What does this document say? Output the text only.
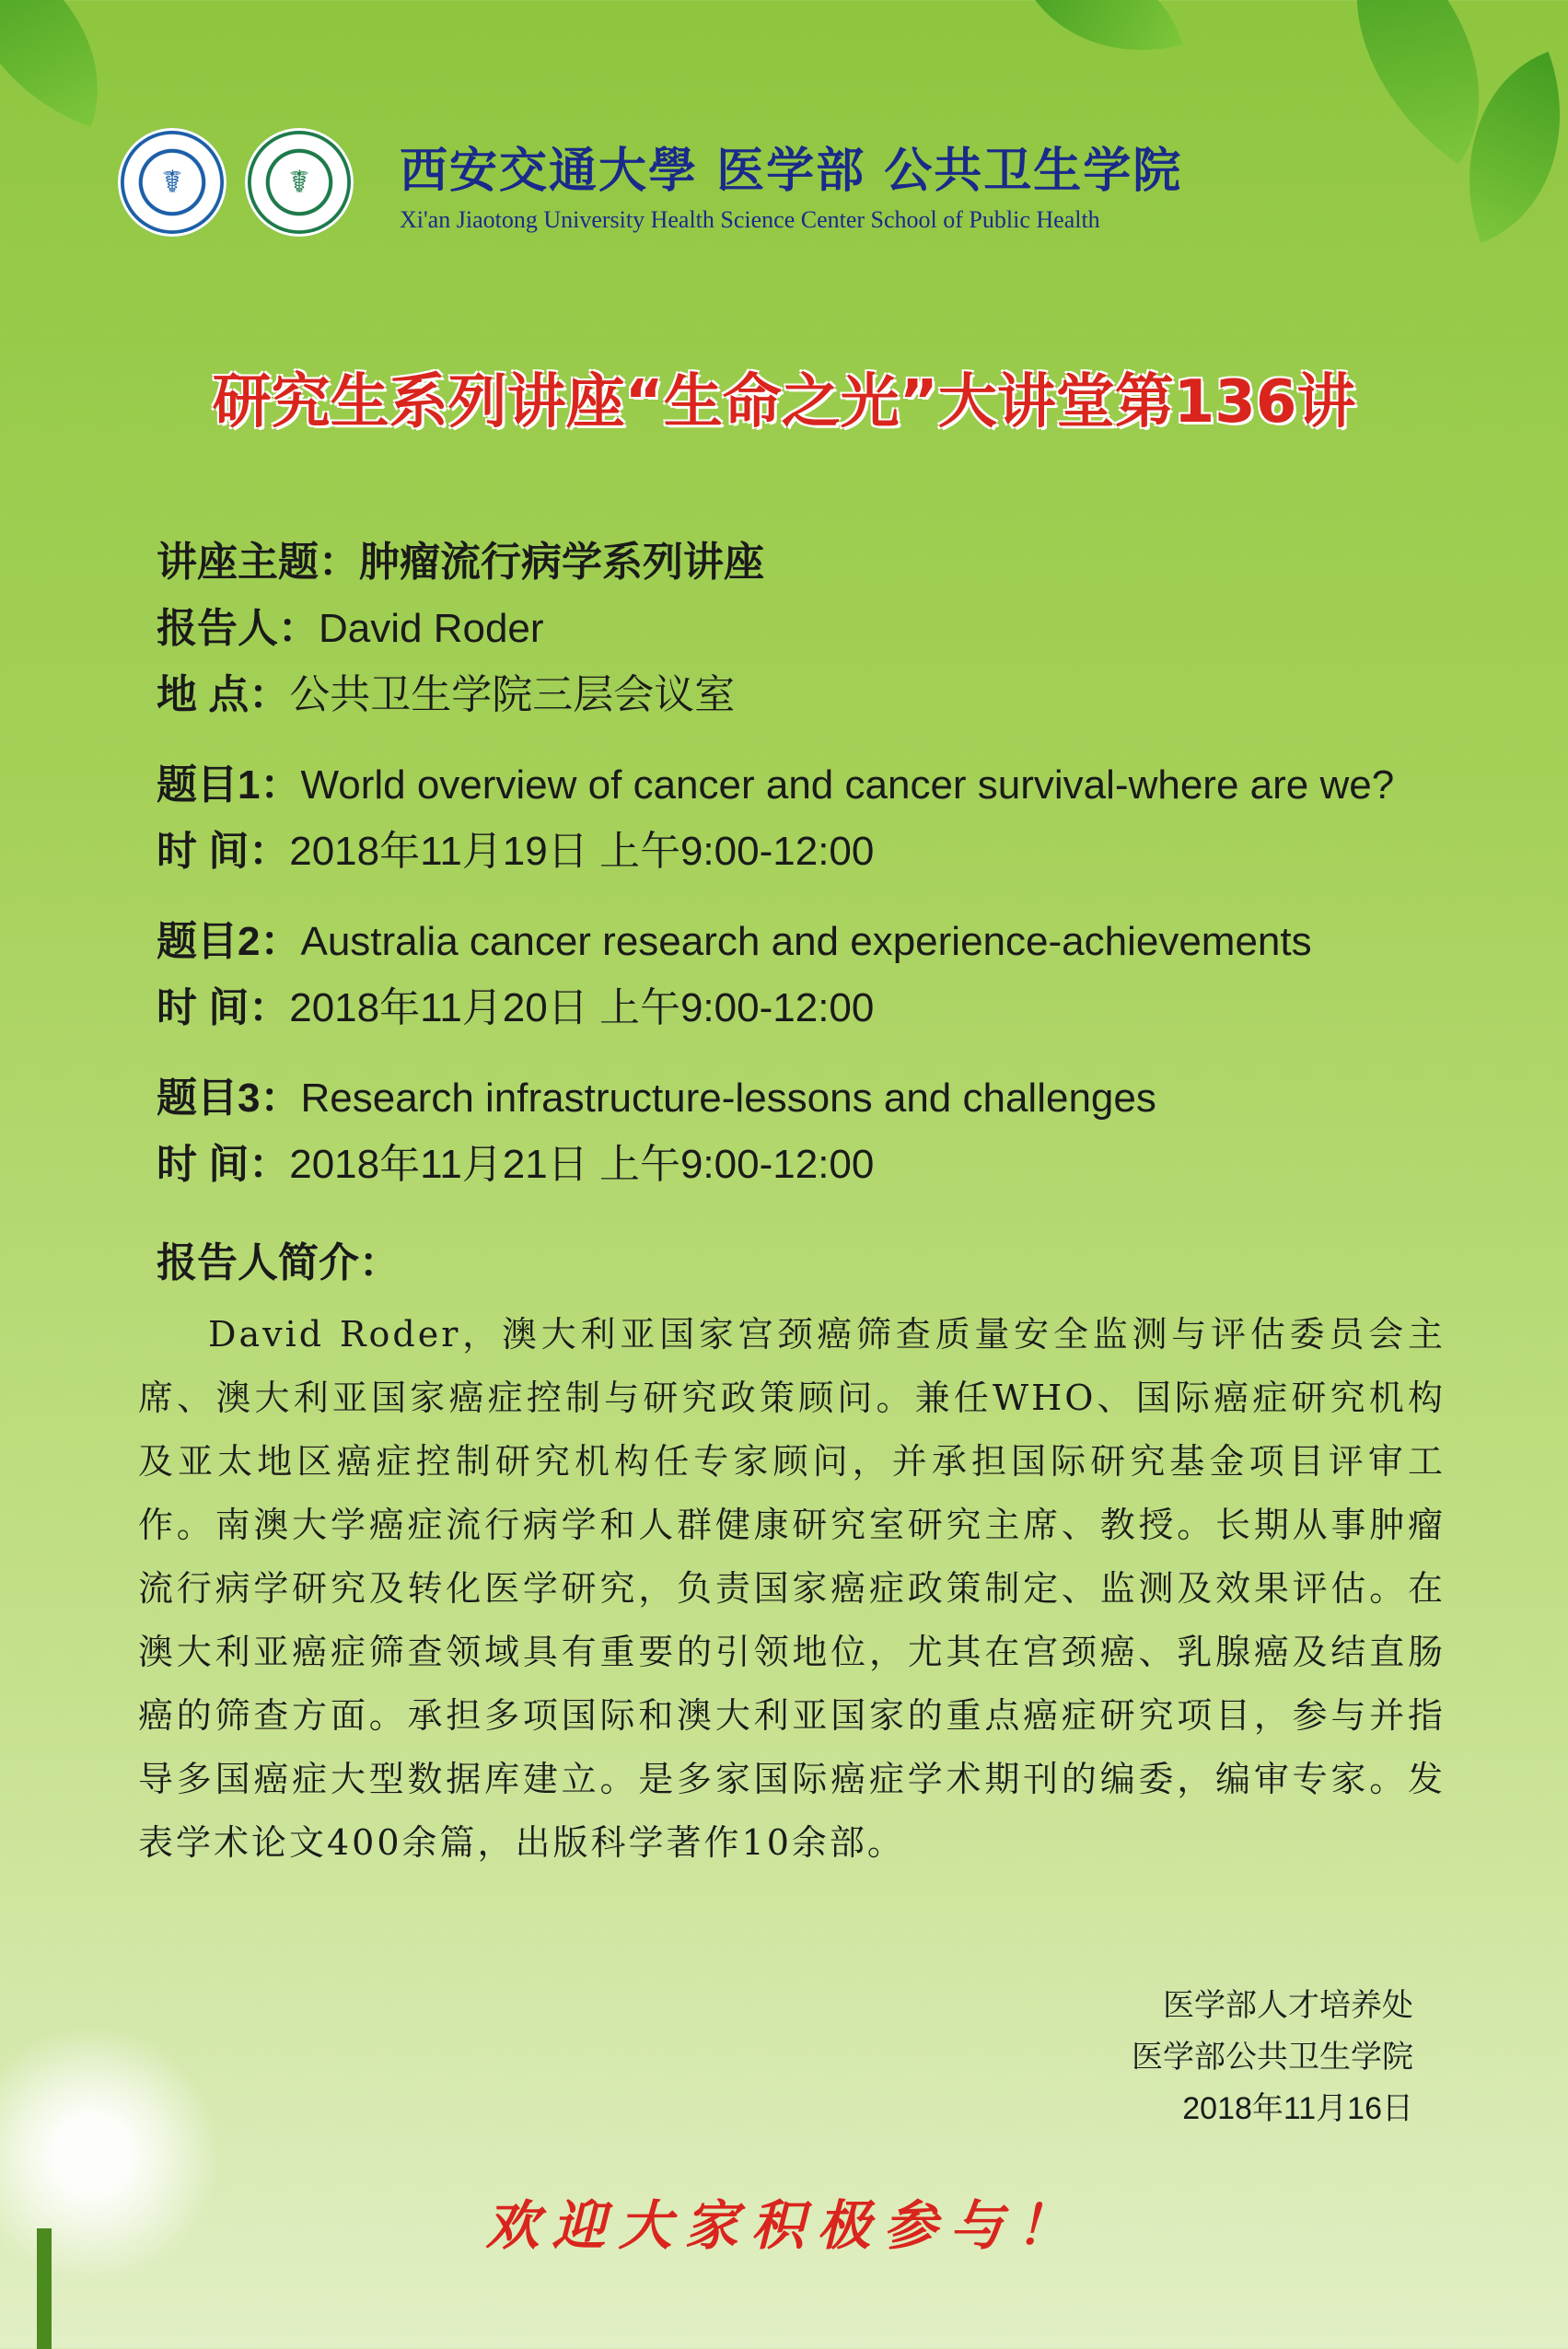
☤	☤ 西安交通大學 医学部 公共卫生学院
Xi'an Jiaotong University Health Science Center School of Public Health
研究生系列讲座“生命之光”大讲堂第136讲
讲座主题：肿瘤流行病学系列讲座
报告人：David Roder
地 点：公共卫生学院三层会议室
题目1：World overview of cancer and cancer survival-where are we?
时 间：2018年11月19日 上午9:00-12:00
题目2：Australia cancer research and experience-achievements
时 间：2018年11月20日 上午9:00-12:00
题目3：Research infrastructure-lessons and challenges
时 间：2018年11月21日 上午9:00-12:00
报告人简介：
David Roder，澳大利亚国家宫颈癌筛查质量安全监测与评估委员会主席、澳大利亚国家癌症控制与研究政策顾问。兼任WHO、国际癌症研究机构及亚太地区癌症控制研究机构任专家顾问，并承担国际研究基金项目评审工作。南澳大学癌症流行病学和人群健康研究室研究主席、教授。长期从事肿瘤流行病学研究及转化医学研究，负责国家癌症政策制定、监测及效果评估。在澳大利亚癌症筛查领域具有重要的引领地位，尤其在宫颈癌、乳腺癌及结直肠癌的筛查方面。承担多项国际和澳大利亚国家的重点癌症研究项目，参与并指导多国癌症大型数据库建立。是多家国际癌症学术期刊的编委，编审专家。发表学术论文400余篇，出版科学著作10余部。
医学部人才培养处
医学部公共卫生学院
2018年11月16日
欢迎大家积极参与！
